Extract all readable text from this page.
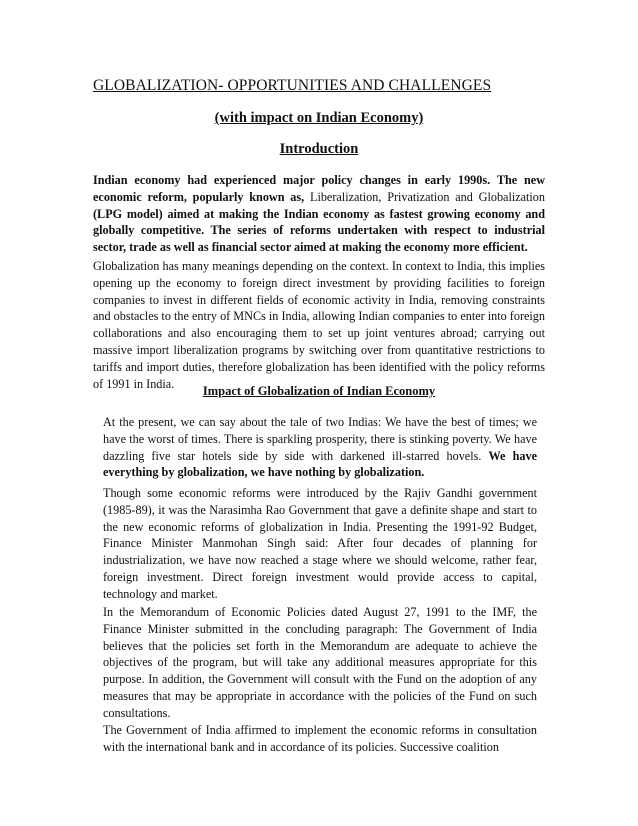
GLOBALIZATION- OPPORTUNITIES AND CHALLENGES
(with impact on Indian Economy)
Introduction

Indian economy had experienced major policy changes in early 1990s. The new economic reform, popularly known as, Liberalization, Privatization and Globalization (LPG model) aimed at making the Indian economy as fastest growing economy and globally competitive. The series of reforms undertaken with respect to industrial sector, trade as well as financial sector aimed at making the economy more efficient.

Globalization has many meanings depending on the context. In context to India, this implies opening up the economy to foreign direct investment by providing facilities to foreign companies to invest in different fields of economic activity in India, removing constraints and obstacles to the entry of MNCs in India, allowing Indian companies to enter into foreign collaborations and also encouraging them to set up joint ventures abroad; carrying out massive import liberalization programs by switching over from quantitative restrictions to tariffs and import duties, therefore globalization has been identified with the policy reforms of 1991 in India.

Impact of Globalization of Indian Economy

At the present, we can say about the tale of two Indias: We have the best of times; we have the worst of times. There is sparkling prosperity, there is stinking poverty. We have dazzling five star hotels side by side with darkened ill-starred hovels. We have everything by globalization, we have nothing by globalization.

Though some economic reforms were introduced by the Rajiv Gandhi government (1985-89), it was the Narasimha Rao Government that gave a definite shape and start to the new economic reforms of globalization in India. Presenting the 1991-92 Budget, Finance Minister Manmohan Singh said: After four decades of planning for industrialization, we have now reached a stage where we should welcome, rather fear, foreign investment. Direct foreign investment would provide access to capital, technology and market.

In the Memorandum of Economic Policies dated August 27, 1991 to the IMF, the Finance Minister submitted in the concluding paragraph: The Government of India believes that the policies set forth in the Memorandum are adequate to achieve the objectives of the program, but will take any additional measures appropriate for this purpose. In addition, the Government will consult with the Fund on the adoption of any measures that may be appropriate in accordance with the policies of the Fund on such consultations.

The Government of India affirmed to implement the economic reforms in consultation with the international bank and in accordance of its policies. Successive coalition
